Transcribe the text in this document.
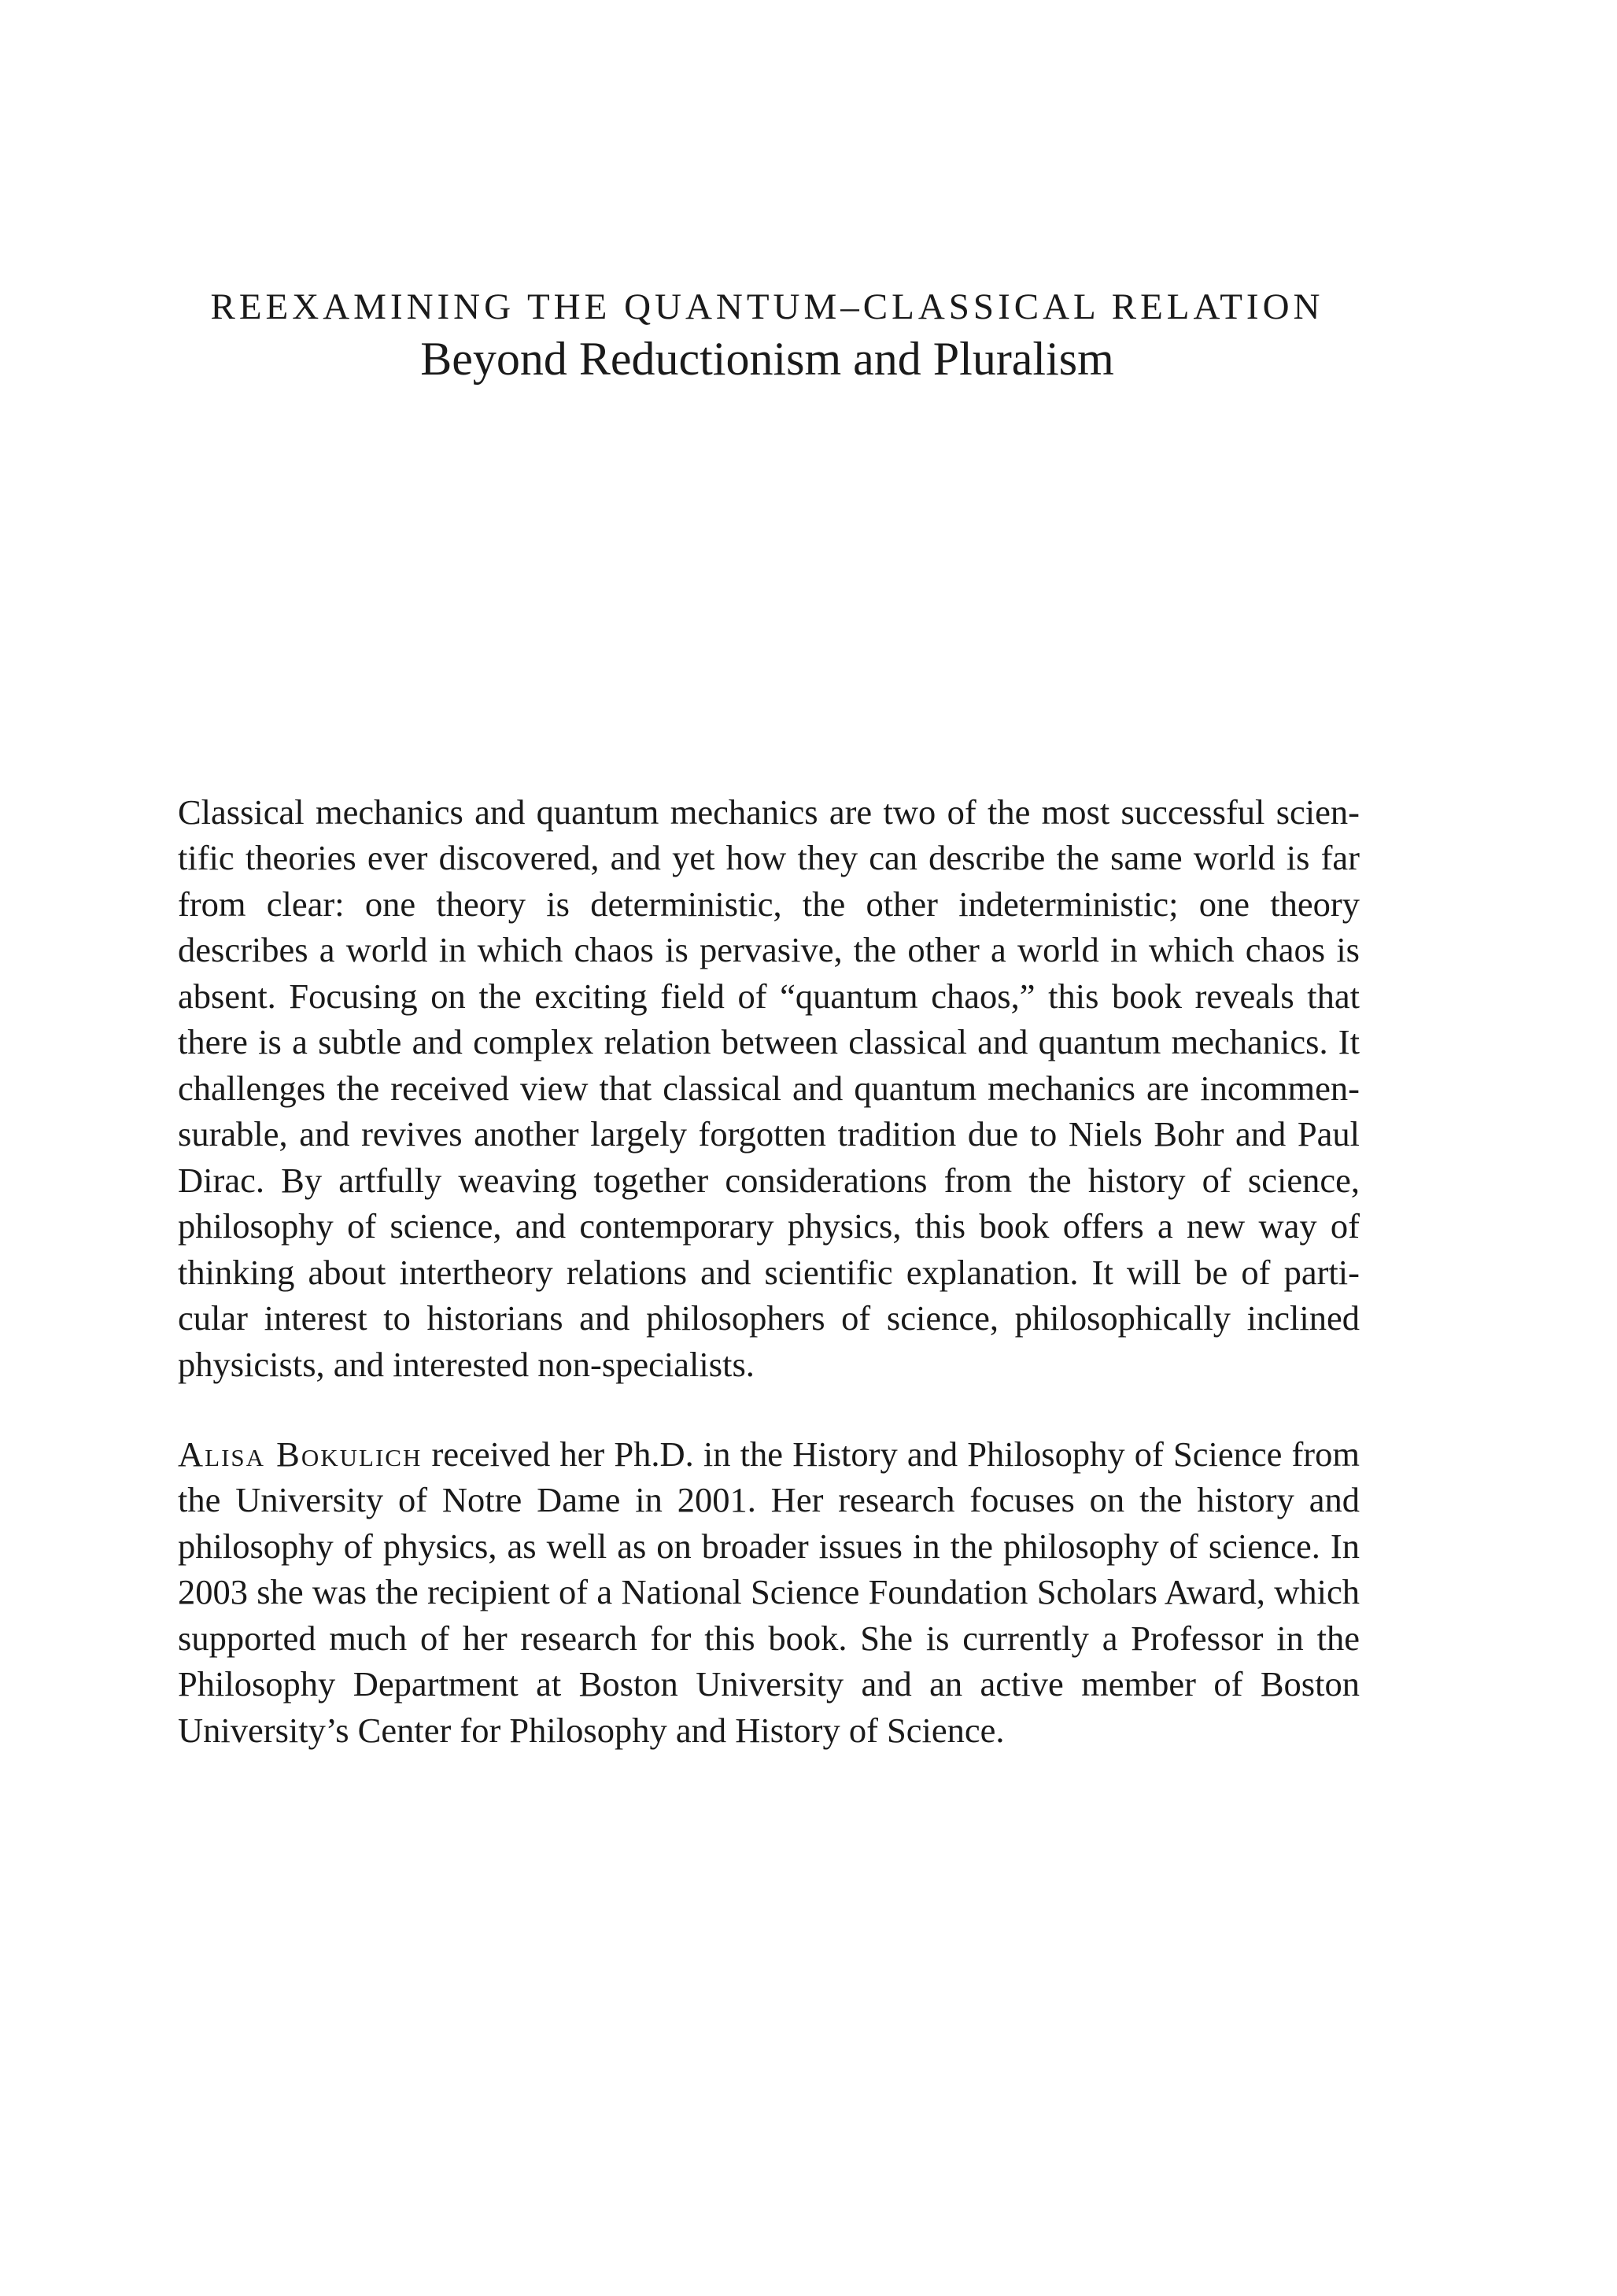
REEXAMINING THE QUANTUM–CLASSICAL RELATION
Beyond Reductionism and Pluralism

Classical mechanics and quantum mechanics are two of the most successful scientific theories ever discovered, and yet how they can describe the same world is far from clear: one theory is deterministic, the other indeterministic; one theory describes a world in which chaos is pervasive, the other a world in which chaos is absent. Focusing on the exciting field of “quantum chaos,” this book reveals that there is a subtle and complex relation between classical and quantum mechanics. It challenges the received view that classical and quantum mechanics are incommensurable, and revives another largely forgotten tradition due to Niels Bohr and Paul Dirac. By artfully weaving together considerations from the history of science, philosophy of science, and contemporary physics, this book offers a new way of thinking about intertheory relations and scientific explanation. It will be of particular interest to historians and philosophers of science, philosophically inclined physicists, and interested non-specialists.

Alisa Bokulich received her Ph.D. in the History and Philosophy of Science from the University of Notre Dame in 2001. Her research focuses on the history and philosophy of physics, as well as on broader issues in the philosophy of science. In 2003 she was the recipient of a National Science Foundation Scholars Award, which supported much of her research for this book. She is currently a Professor in the Philosophy Department at Boston University and an active member of Boston University’s Center for Philosophy and History of Science.
